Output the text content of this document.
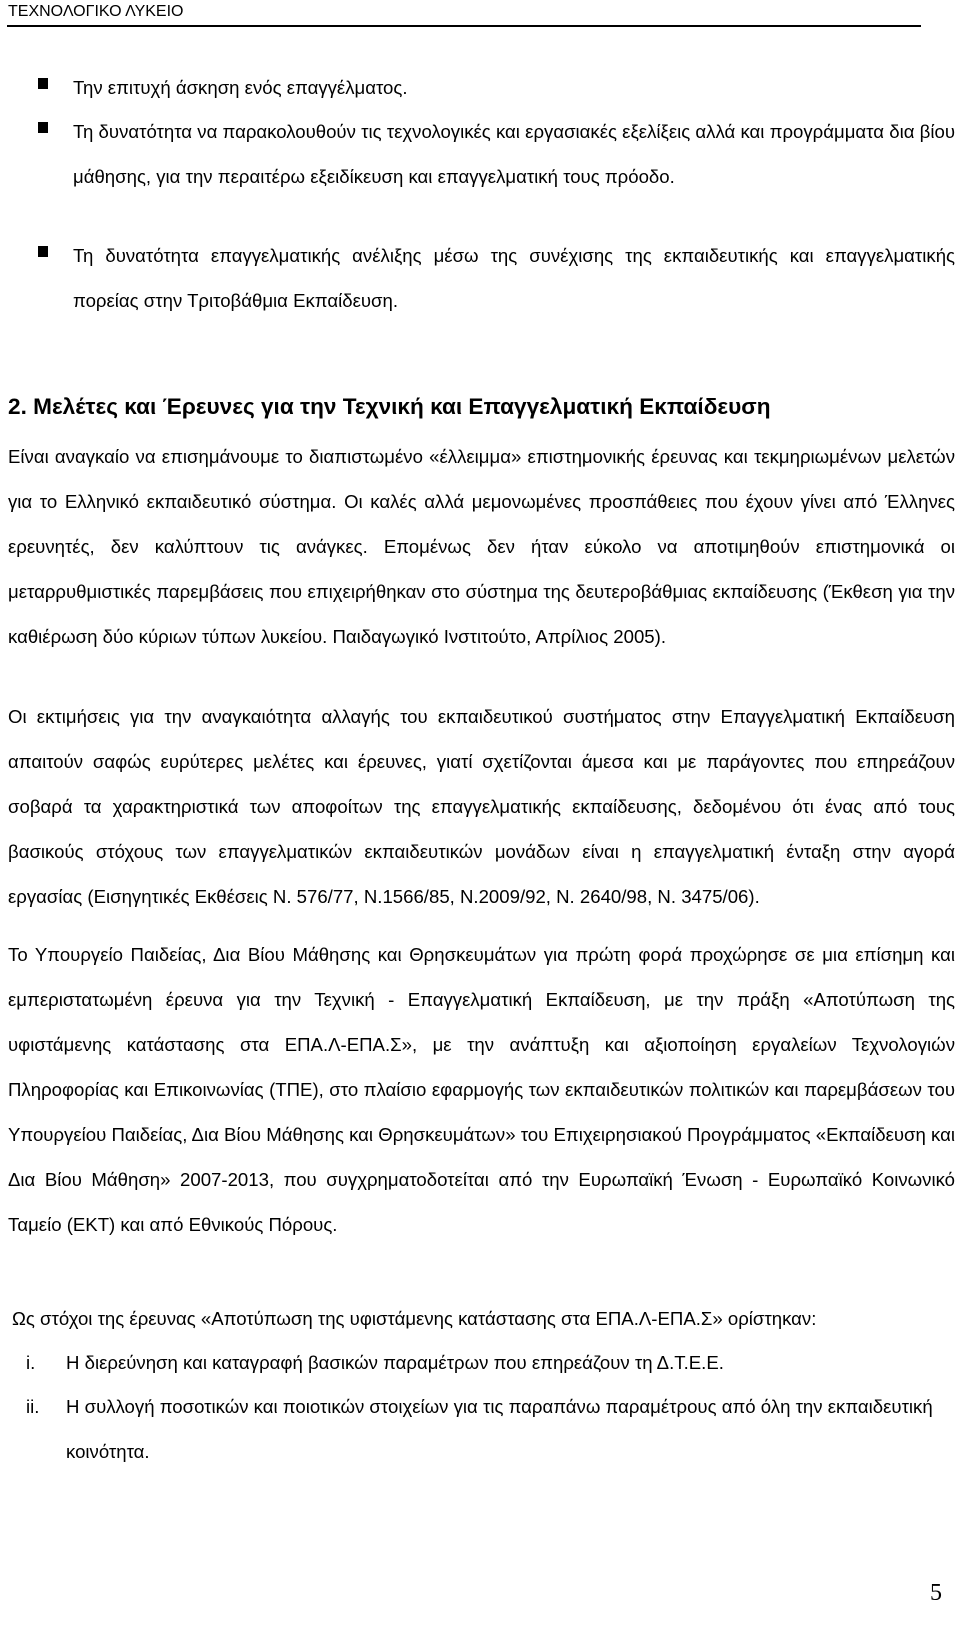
ΤΕΧΝΟΛΟΓΙΚΟ ΛΥΚΕΙΟ
Την επιτυχή άσκηση ενός επαγγέλματος.
Τη δυνατότητα να παρακολουθούν τις τεχνολογικές και εργασιακές εξελίξεις αλλά και προγράμματα δια βίου μάθησης, για την περαιτέρω εξειδίκευση και επαγγελματική τους πρόοδο.
Τη δυνατότητα επαγγελματικής ανέλιξης μέσω της συνέχισης της εκπαιδευτικής και επαγγελματικής πορείας στην Τριτοβάθμια Εκπαίδευση.
2. Μελέτες και Έρευνες για την Τεχνική και Επαγγελματική Εκπαίδευση
Είναι αναγκαίο να επισημάνουμε το διαπιστωμένο «έλλειμμα» επιστημονικής έρευνας και τεκμηριωμένων μελετών για το Ελληνικό εκπαιδευτικό σύστημα. Οι καλές αλλά μεμονωμένες προσπάθειες που έχουν γίνει από Έλληνες ερευνητές, δεν καλύπτουν τις ανάγκες. Επομένως δεν ήταν εύκολο να αποτιμηθούν επιστημονικά οι μεταρρυθμιστικές παρεμβάσεις που επιχειρήθηκαν στο σύστημα της δευτεροβάθμιας εκπαίδευσης (Έκθεση για την καθιέρωση δύο κύριων τύπων λυκείου. Παιδαγωγικό Ινστιτούτο, Απρίλιος 2005).
Οι εκτιμήσεις για την αναγκαιότητα αλλαγής του εκπαιδευτικού συστήματος στην Επαγγελματική Εκπαίδευση απαιτούν σαφώς ευρύτερες μελέτες και έρευνες, γιατί σχετίζονται άμεσα και με παράγοντες που επηρεάζουν σοβαρά τα χαρακτηριστικά των αποφοίτων της επαγγελματικής εκπαίδευσης, δεδομένου ότι ένας από τους βασικούς στόχους των επαγγελματικών εκπαιδευτικών μονάδων είναι η επαγγελματική ένταξη στην αγορά εργασίας (Εισηγητικές Εκθέσεις Ν. 576/77, Ν.1566/85, Ν.2009/92, Ν. 2640/98, Ν. 3475/06).
Το Υπουργείο Παιδείας, Δια Βίου Μάθησης και Θρησκευμάτων για πρώτη φορά προχώρησε σε μια επίσημη και εμπεριστατωμένη έρευνα για την Τεχνική - Επαγγελματική Εκπαίδευση, με την πράξη «Αποτύπωση της υφιστάμενης κατάστασης στα ΕΠΑ.Λ-ΕΠΑ.Σ», με την ανάπτυξη και αξιοποίηση εργαλείων Τεχνολογιών Πληροφορίας και Επικοινωνίας (ΤΠΕ), στο πλαίσιο εφαρμογής των εκπαιδευτικών πολιτικών και παρεμβάσεων του Υπουργείου Παιδείας, Δια Βίου Μάθησης και Θρησκευμάτων» του Επιχειρησιακού Προγράμματος «Εκπαίδευση και Δια Βίου Μάθηση» 2007-2013, που συγχρηματοδοτείται από την Ευρωπαϊκή Ένωση - Ευρωπαϊκό Κοινωνικό Ταμείο (ΕΚΤ) και από Εθνικούς Πόρους.
Ως στόχοι της έρευνας «Αποτύπωση της υφιστάμενης κατάστασης στα ΕΠΑ.Λ-ΕΠΑ.Σ» ορίστηκαν:
i.	Η διερεύνηση και καταγραφή βασικών παραμέτρων που επηρεάζουν τη Δ.Τ.Ε.Ε.
ii.	Η συλλογή ποσοτικών και ποιοτικών στοιχείων για τις παραπάνω παραμέτρους από όλη την εκπαιδευτική κοινότητα.
5
